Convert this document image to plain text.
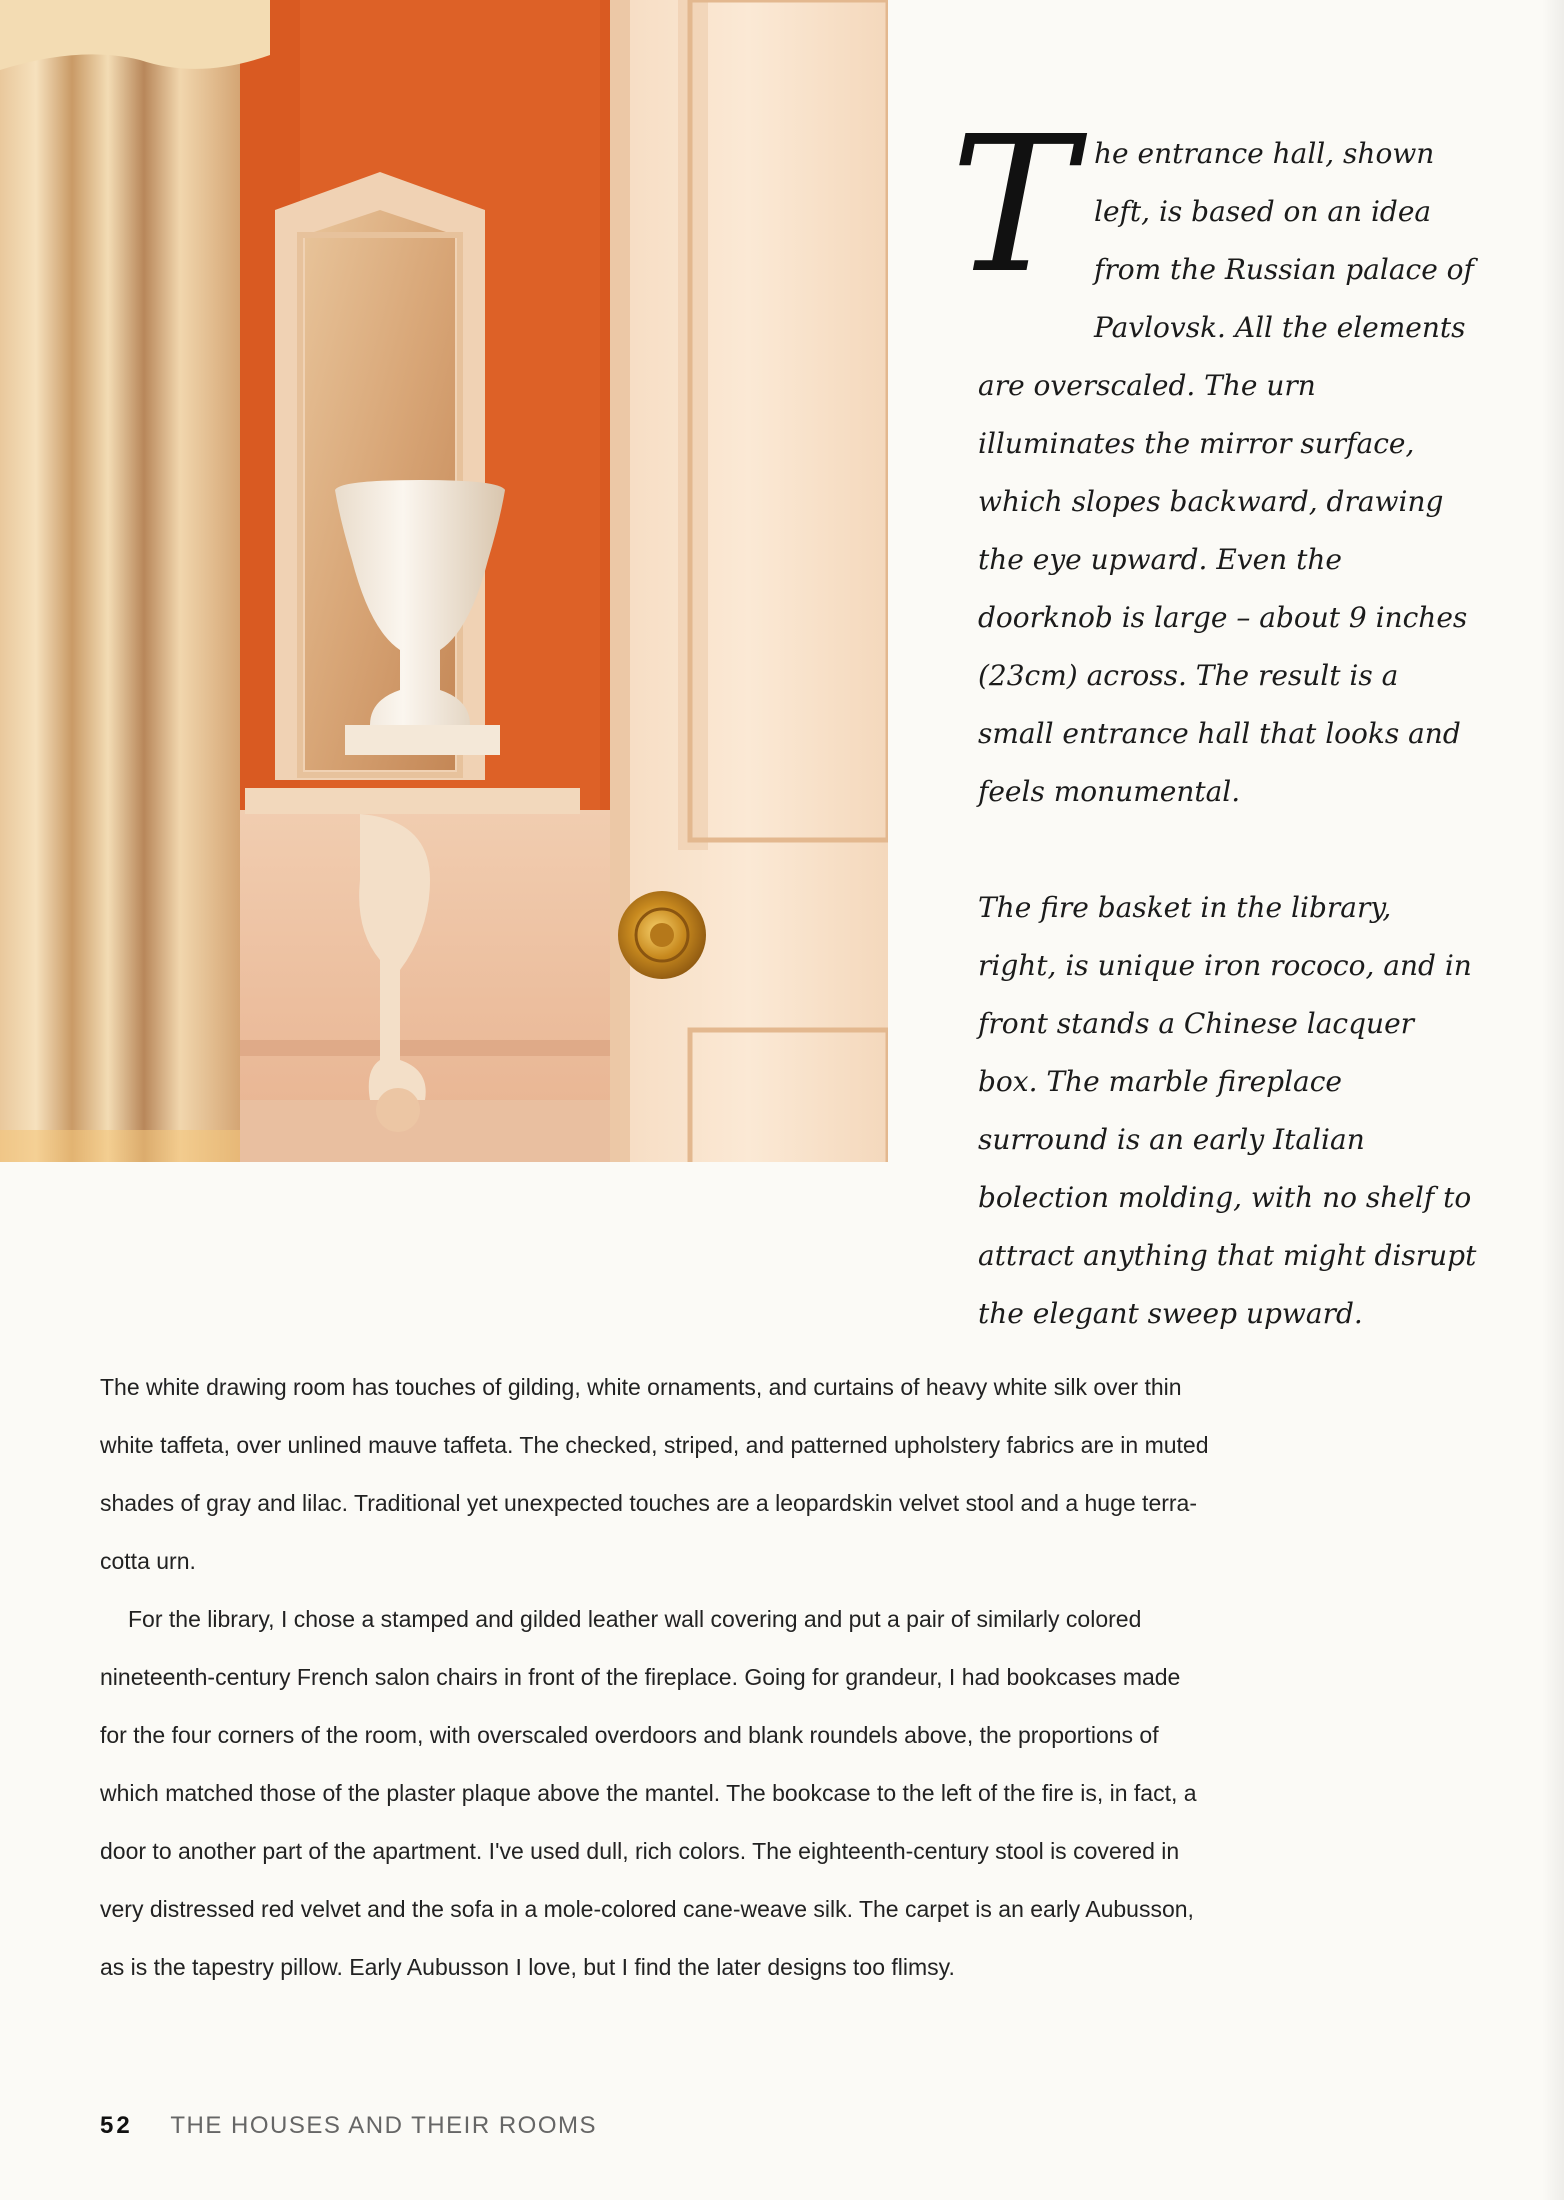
T he entrance hall, shown left, is based on an idea from the Russian palace of Pavlovsk. All the elements are overscaled. The urn illuminates the mirror surface, which slopes backward, drawing the eye upward. Even the doorknob is large – about 9 inches (23cm) across. The result is a small entrance hall that looks and feels monumental.

The fire basket in the library, right, is unique iron rococo, and in front stands a Chinese lacquer box. The marble fireplace surround is an early Italian bolection molding, with no shelf to attract anything that might disrupt the elegant sweep upward.

The white drawing room has touches of gilding, white ornaments, and curtains of heavy white silk over thin white taffeta, over unlined mauve taffeta. The checked, striped, and patterned upholstery fabrics are in muted shades of gray and lilac. Traditional yet unexpected touches are a leopardskin velvet stool and a huge terra-cotta urn.

For the library, I chose a stamped and gilded leather wall covering and put a pair of similarly colored nineteenth-century French salon chairs in front of the fireplace. Going for grandeur, I had bookcases made for the four corners of the room, with overscaled overdoors and blank roundels above, the proportions of which matched those of the plaster plaque above the mantel. The bookcase to the left of the fire is, in fact, a door to another part of the apartment. I've used dull, rich colors. The eighteenth-century stool is covered in very distressed red velvet and the sofa in a mole-colored cane-weave silk. The carpet is an early Aubusson, as is the tapestry pillow. Early Aubusson I love, but I find the later designs too flimsy.

52 THE HOUSES AND THEIR ROOMS
